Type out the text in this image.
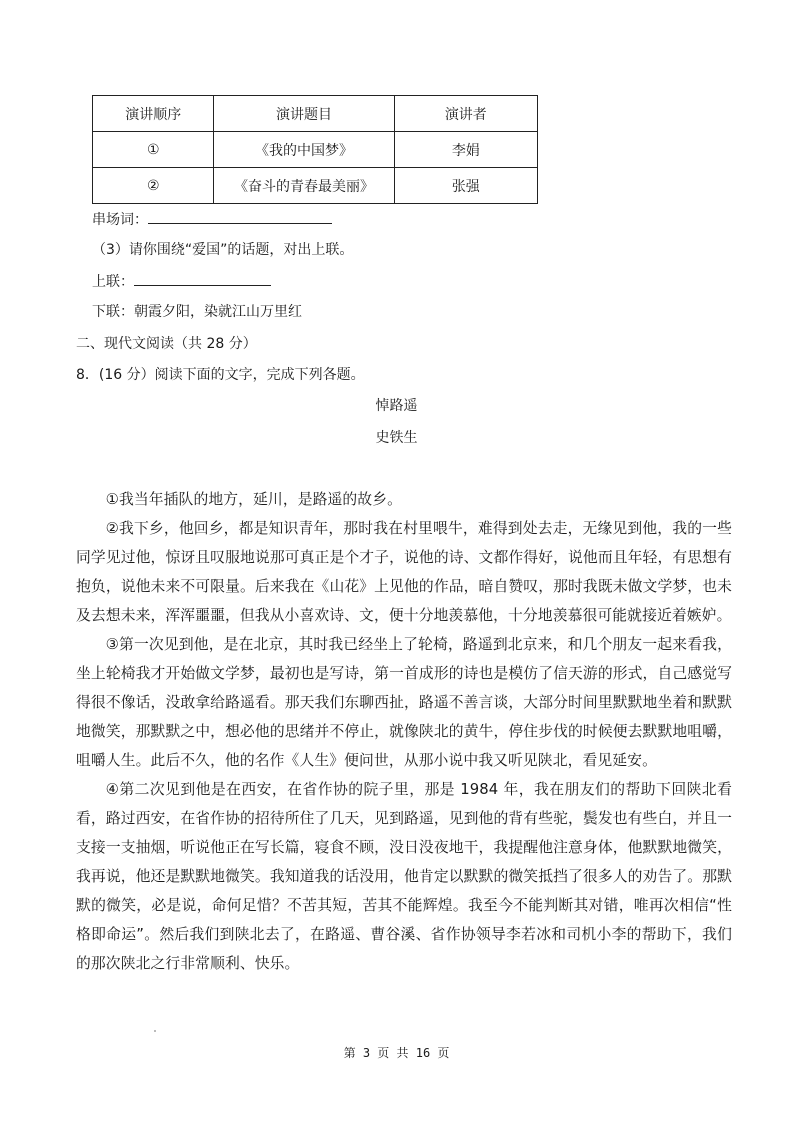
演讲顺序	演讲题目	演讲者
①	《我的中国梦》	李娟
②	《奋斗的青春最美丽》	张强
串场词：
（3）请你围绕“爱国”的话题，对出上联。
上联：
下联：朝霞夕阳，染就江山万里红
二、现代文阅读（共 28 分）
8．(16 分）阅读下面的文字，完成下列各题。
悼路遥
史铁生

①我当年插队的地方，延川，是路遥的故乡。

②我下乡，他回乡，都是知识青年，那时我在村里喂牛，难得到处去走，无缘见到他，我的一些同学见过他，惊讶且叹服地说那可真正是个才子，说他的诗、文都作得好，说他而且年轻，有思想有抱负，说他未来不可限量。后来我在《山花》上见他的作品，暗自赞叹，那时我既未做文学梦，也未及去想未来，浑浑噩噩，但我从小喜欢诗、文，便十分地羡慕他，十分地羡慕很可能就接近着嫉妒。

③第一次见到他，是在北京，其时我已经坐上了轮椅，路遥到北京来，和几个朋友一起来看我，坐上轮椅我才开始做文学梦，最初也是写诗，第一首成形的诗也是模仿了信天游的形式，自己感觉写得很不像话，没敢拿给路遥看。那天我们东聊西扯，路遥不善言谈，大部分时间里默默地坐着和默默地微笑，那默默之中，想必他的思绪并不停止，就像陕北的黄牛，停住步伐的时候便去默默地咀嚼，咀嚼人生。此后不久，他的名作《人生》便问世，从那小说中我又听见陕北，看见延安。

④第二次见到他是在西安，在省作协的院子里，那是 1984 年，我在朋友们的帮助下回陕北看看，路过西安，在省作协的招待所住了几天，见到路遥，见到他的背有些驼，鬓发也有些白，并且一支接一支抽烟，听说他正在写长篇，寝食不顾，没日没夜地干，我提醒他注意身体，他默默地微笑，我再说，他还是默默地微笑。我知道我的话没用，他肯定以默默的微笑抵挡了很多人的劝告了。那默默的微笑，必是说，命何足惜？不苦其短，苦其不能辉煌。我至今不能判断其对错，唯再次相信“性格即命运”。然后我们到陕北去了，在路遥、曹谷溪、省作协领导李若冰和司机小李的帮助下，我们的那次陕北之行非常顺利、快乐。

第 3 页 共 16 页
